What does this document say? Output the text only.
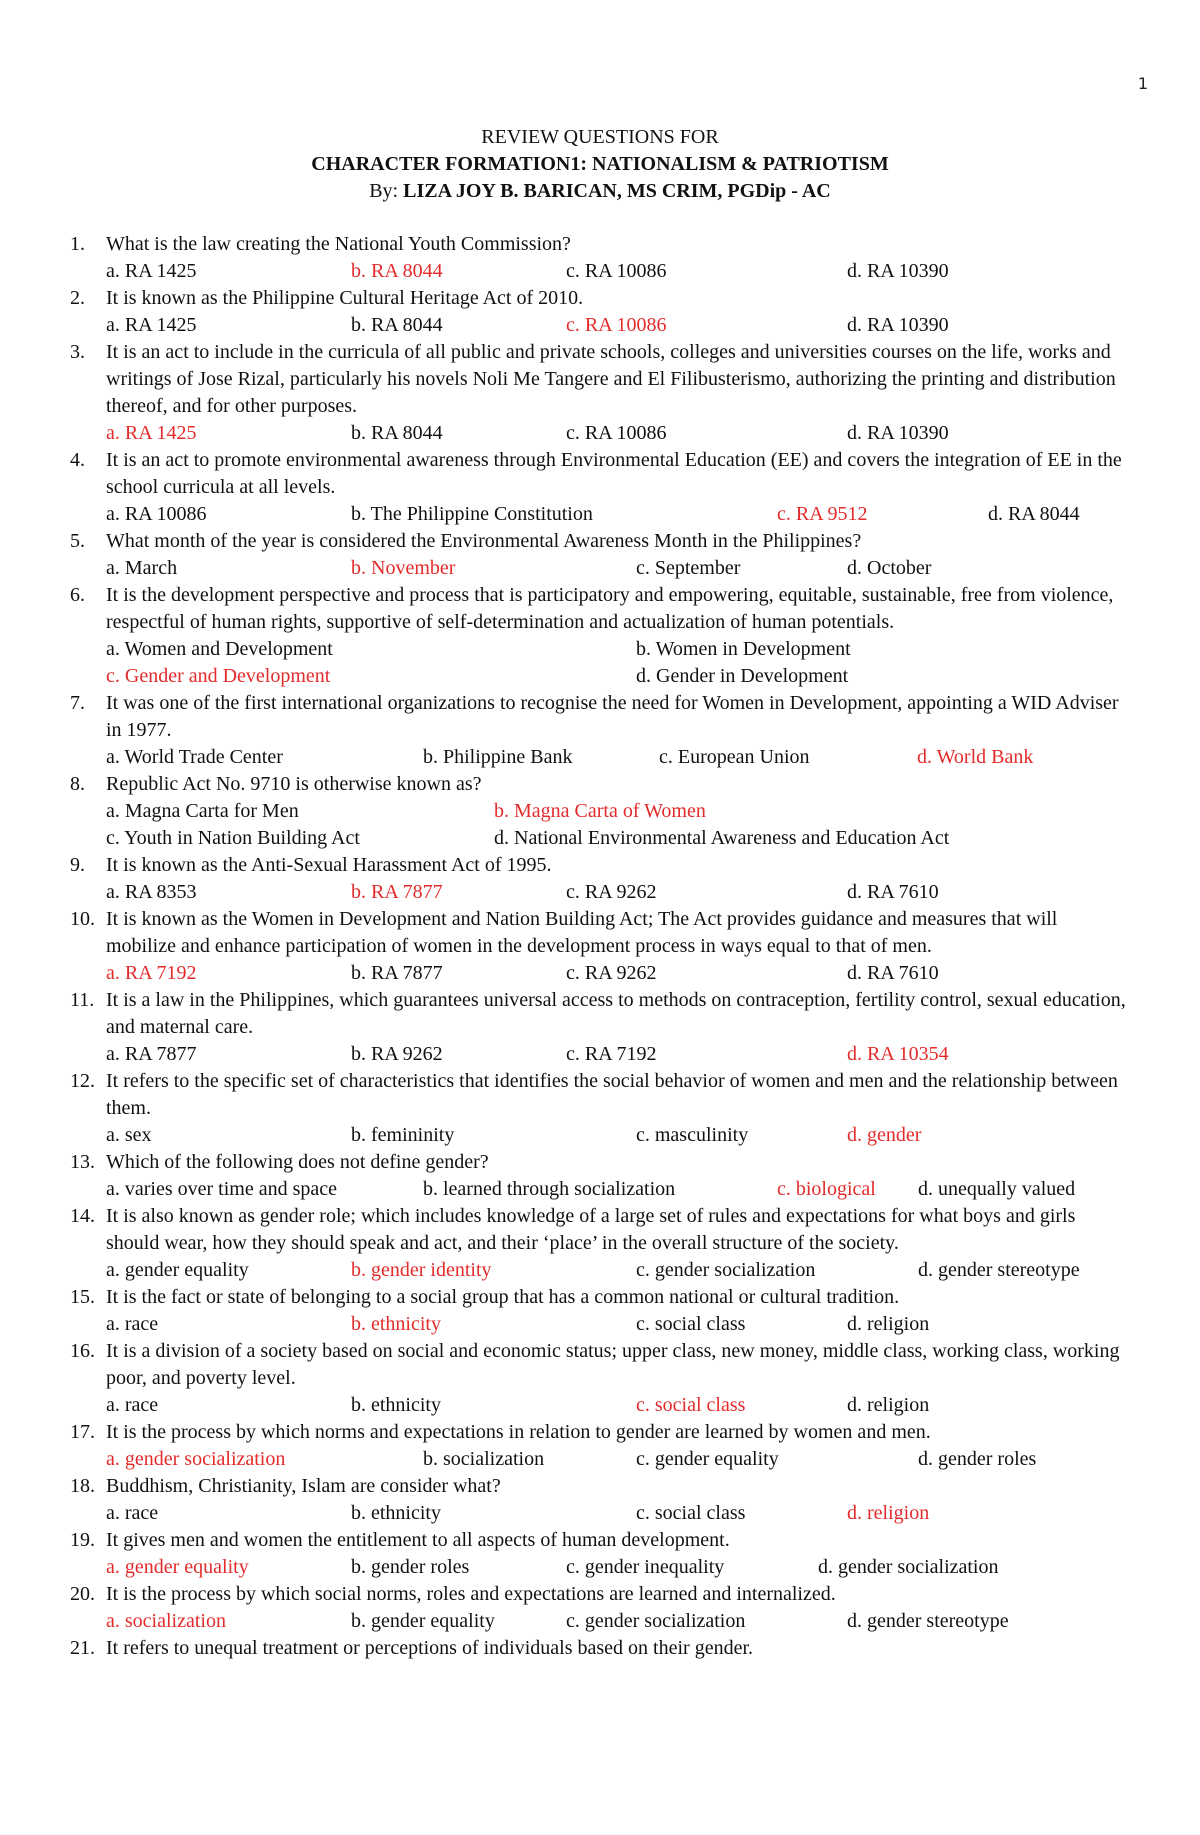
1
REVIEW QUESTIONS FOR
CHARACTER FORMATION1: NATIONALISM & PATRIOTISM
By: LIZA JOY B. BARICAN, MS CRIM, PGDip - AC
1. What is the law creating the National Youth Commission?
a. RA 1425	b. RA 8044	c. RA 10086	d. RA 10390
2. It is known as the Philippine Cultural Heritage Act of 2010.
a. RA 1425	b. RA 8044	c. RA 10086	d. RA 10390
3. It is an act to include in the curricula of all public and private schools, colleges and universities courses on the life, works and writings of Jose Rizal, particularly his novels Noli Me Tangere and El Filibusterismo, authorizing the printing and distribution thereof, and for other purposes.
a. RA 1425	b. RA 8044	c. RA 10086	d. RA 10390
4. It is an act to promote environmental awareness through Environmental Education (EE) and covers the integration of EE in the school curricula at all levels.
a. RA 10086	b. The Philippine Constitution	c. RA 9512	d. RA 8044
5. What month of the year is considered the Environmental Awareness Month in the Philippines?
a. March	b. November	c. September	d. October
6. It is the development perspective and process that is participatory and empowering, equitable, sustainable, free from violence, respectful of human rights, supportive of self-determination and actualization of human potentials.
a. Women and Development	b. Women in Development
c. Gender and Development	d. Gender in Development
7. It was one of the first international organizations to recognise the need for Women in Development, appointing a WID Adviser in 1977.
a. World Trade Center	b. Philippine Bank	c. European Union	d. World Bank
8. Republic Act No. 9710 is otherwise known as?
a. Magna Carta for Men	b. Magna Carta of Women
c. Youth in Nation Building Act	d. National Environmental Awareness and Education Act
9. It is known as the Anti-Sexual Harassment Act of 1995.
a. RA 8353	b. RA 7877	c. RA 9262	d. RA 7610
10. It is known as the Women in Development and Nation Building Act; The Act provides guidance and measures that will mobilize and enhance participation of women in the development process in ways equal to that of men.
a. RA 7192	b. RA 7877	c. RA 9262	d. RA 7610
11. It is a law in the Philippines, which guarantees universal access to methods on contraception, fertility control, sexual education, and maternal care.
a. RA 7877	b. RA 9262	c. RA 7192	d. RA 10354
12. It refers to the specific set of characteristics that identifies the social behavior of women and men and the relationship between them.
a. sex	b. femininity	c. masculinity	d. gender
13. Which of the following does not define gender?
a. varies over time and space	b. learned through socialization	c. biological d. unequally valued
14. It is also known as gender role; which includes knowledge of a large set of rules and expectations for what boys and girls should wear, how they should speak and act, and their ‘place’ in the overall structure of the society.
a. gender equality	b. gender identity	c. gender socialization	d. gender stereotype
15. It is the fact or state of belonging to a social group that has a common national or cultural tradition.
a. race	b. ethnicity	c. social class	d. religion
16. It is a division of a society based on social and economic status; upper class, new money, middle class, working class, working poor, and poverty level.
a. race	b. ethnicity	c. social class	d. religion
17. It is the process by which norms and expectations in relation to gender are learned by women and men.
a. gender socialization	b. socialization	c. gender equality	d. gender roles
18. Buddhism, Christianity, Islam are consider what?
a. race	b. ethnicity	c. social class	d. religion
19. It gives men and women the entitlement to all aspects of human development.
a. gender equality	b. gender roles	c. gender inequality	d. gender socialization
20. It is the process by which social norms, roles and expectations are learned and internalized.
a. socialization	b. gender equality	c. gender socialization	d. gender stereotype
21. It refers to unequal treatment or perceptions of individuals based on their gender.
